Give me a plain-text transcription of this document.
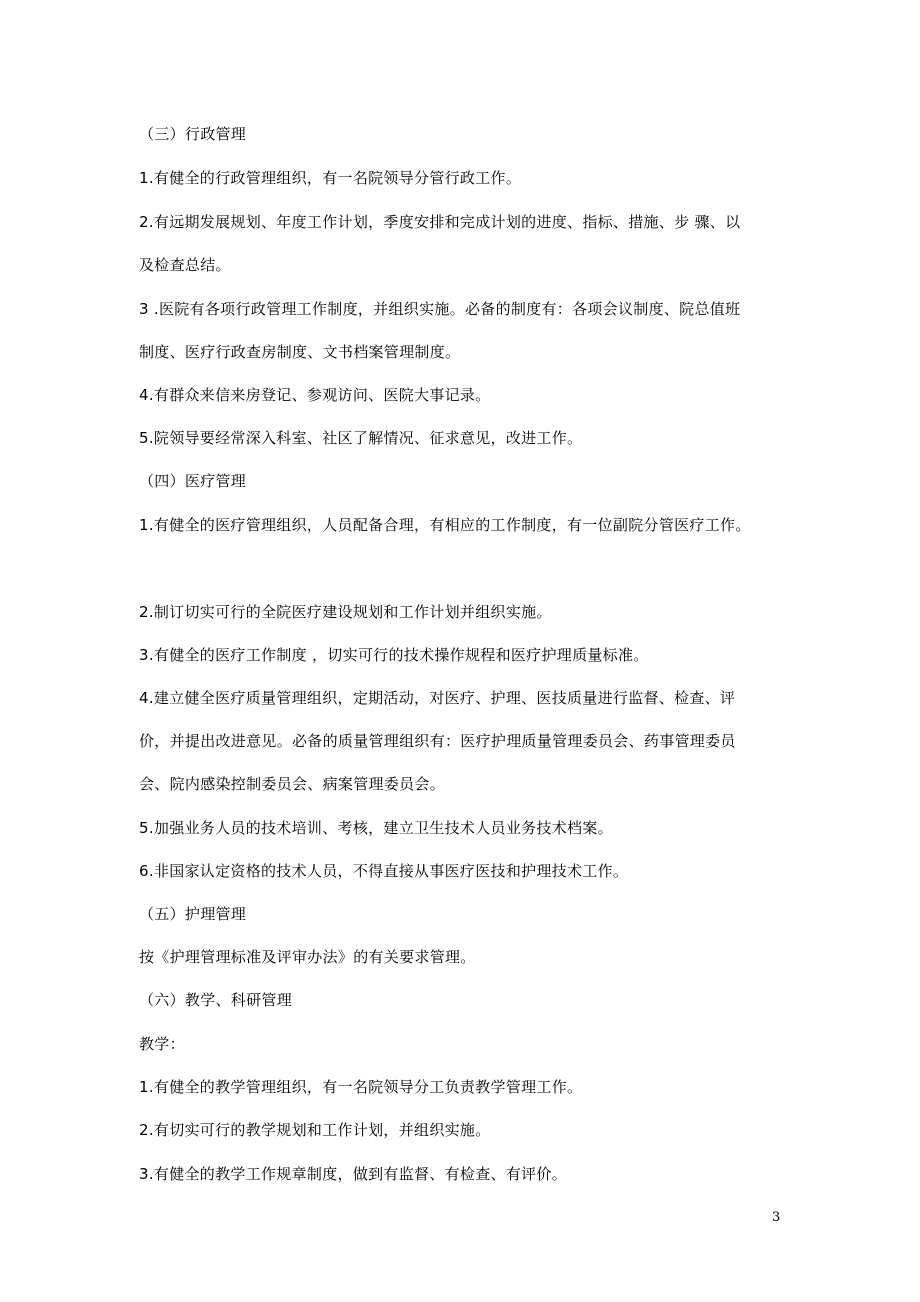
（三）行政管理
1.有健全的行政管理组织，有一名院领导分管行政工作。
2.有远期发展规划、年度工作计划，季度安排和完成计划的进度、指标、措施、步 骤、以
及检查总结。
3 .医院有各项行政管理工作制度，并组织实施。必备的制度有：各项会议制度、院总值班
制度、医疗行政查房制度、文书档案管理制度。
4.有群众来信来房登记、参观访问、医院大事记录。
5.院领导要经常深入科室、社区了解情况、征求意见，改进工作。
（四）医疗管理
1.有健全的医疗管理组织，人员配备合理，有相应的工作制度，有一位副院分管医疗工作。
2.制订切实可行的全院医疗建设规划和工作计划并组织实施。
3.有健全的医疗工作制度 ，切实可行的技术操作规程和医疗护理质量标准。
4.建立健全医疗质量管理组织，定期活动，对医疗、护理、医技质量进行监督、检查、评
价，并提出改进意见。必备的质量管理组织有：医疗护理质量管理委员会、药事管理委员
会、院内感染控制委员会、病案管理委员会。
5.加强业务人员的技术培训、考核，建立卫生技术人员业务技术档案。
6.非国家认定资格的技术人员，不得直接从事医疗医技和护理技术工作。
（五）护理管理
按《护理管理标准及评审办法》的有关要求管理。
（六）教学、科研管理
教学：
1.有健全的教学管理组织，有一名院领导分工负责教学管理工作。
2.有切实可行的教学规划和工作计划，并组织实施。
3.有健全的教学工作规章制度，做到有监督、有检查、有评价。
3
